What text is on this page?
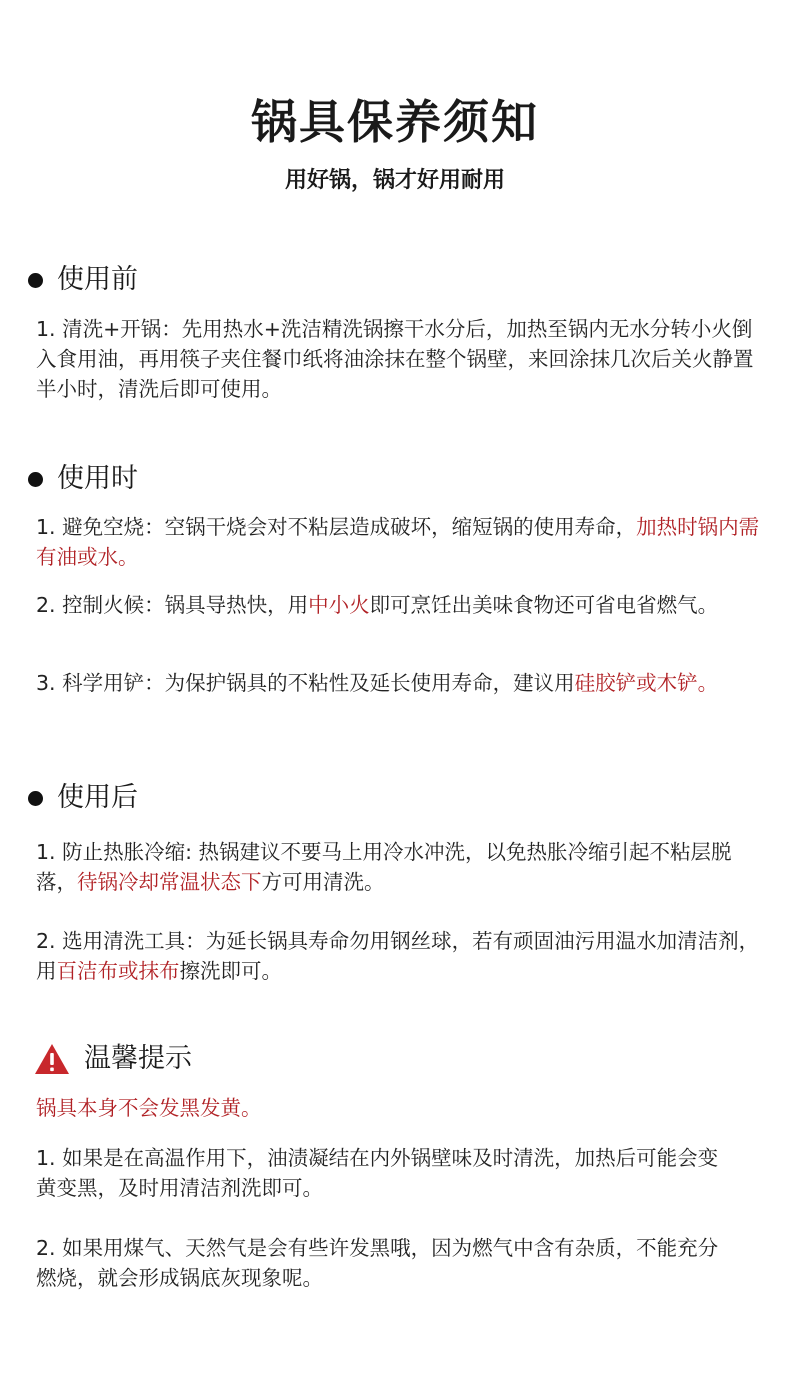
锅具保养须知
用好锅，锅才好用耐用
使用前
1. 清洗+开锅：先用热水+洗洁精洗锅擦干水分后，加热至锅内无水分转小火倒入食用油，再用筷子夹住餐巾纸将油涂抹在整个锅壁，来回涂抹几次后关火静置半小时，清洗后即可使用。
使用时
1. 避免空烧：空锅干烧会对不粘层造成破坏，缩短锅的使用寿命，加热时锅内需有油或水。
2. 控制火候：锅具导热快，用中小火即可烹饪出美味食物还可省电省燃气。
3. 科学用铲：为保护锅具的不粘性及延长使用寿命，建议用硅胶铲或木铲。
使用后
1. 防止热胀冷缩: 热锅建议不要马上用冷水冲洗，以免热胀冷缩引起不粘层脱落，待锅冷却常温状态下方可用清洗。
2. 选用清洗工具：为延长锅具寿命勿用钢丝球，若有顽固油污用温水加清洁剂，用百洁布或抹布擦洗即可。
温馨提示
锅具本身不会发黑发黄。
1. 如果是在高温作用下，油渍凝结在内外锅壁味及时清洗，加热后可能会变黄变黑，及时用清洁剂洗即可。
2. 如果用煤气、天然气是会有些许发黑哦，因为燃气中含有杂质，不能充分燃烧，就会形成锅底灰现象呢。
